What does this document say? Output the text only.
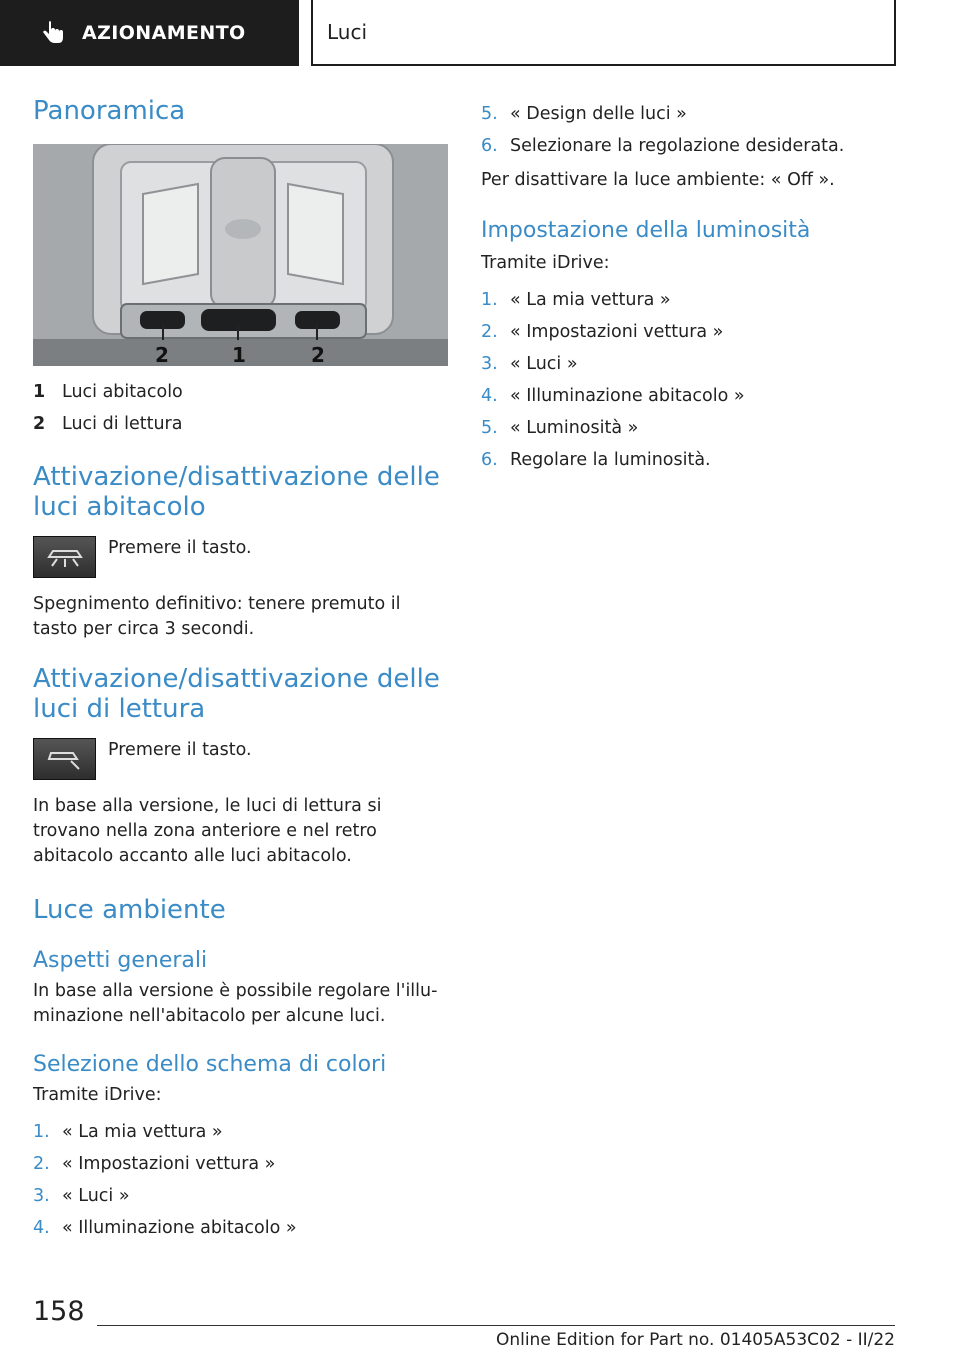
AZIONAMENTO	Luci
Panoramica
2	1	2
1 Luci abitacolo
2 Luci di lettura
Attivazione/disattivazione delle luci abitacolo

Premere il tasto.

Spegnimento definitivo: tenere premuto il tasto per circa 3 secondi.

Attivazione/disattivazione delle luci di lettura

Premere il tasto.

In base alla versione, le luci di lettura si trovano nella zona anteriore e nel retro abitacolo accanto alle luci abitacolo.

Luce ambiente
Aspetti generali

In base alla versione è possibile regolare l'illuminazione nell'abitacolo per alcune luci.

Selezione dello schema di colori

Tramite iDrive:

1. « La mia vettura »
2. « Impostazioni vettura »
3. « Luci »
4. « Illuminazione abitacolo »
5. « Design delle luci »
6. Selezionare la regolazione desiderata.

Per disattivare la luce ambiente: « Off ».

Impostazione della luminosità

Tramite iDrive:

1. « La mia vettura »
2. « Impostazioni vettura »
3. « Luci »
4. « Illuminazione abitacolo »
5. « Luminosità »
6. Regolare la luminosità.
158
Online Edition for Part no. 01405A53C02 - II/22
